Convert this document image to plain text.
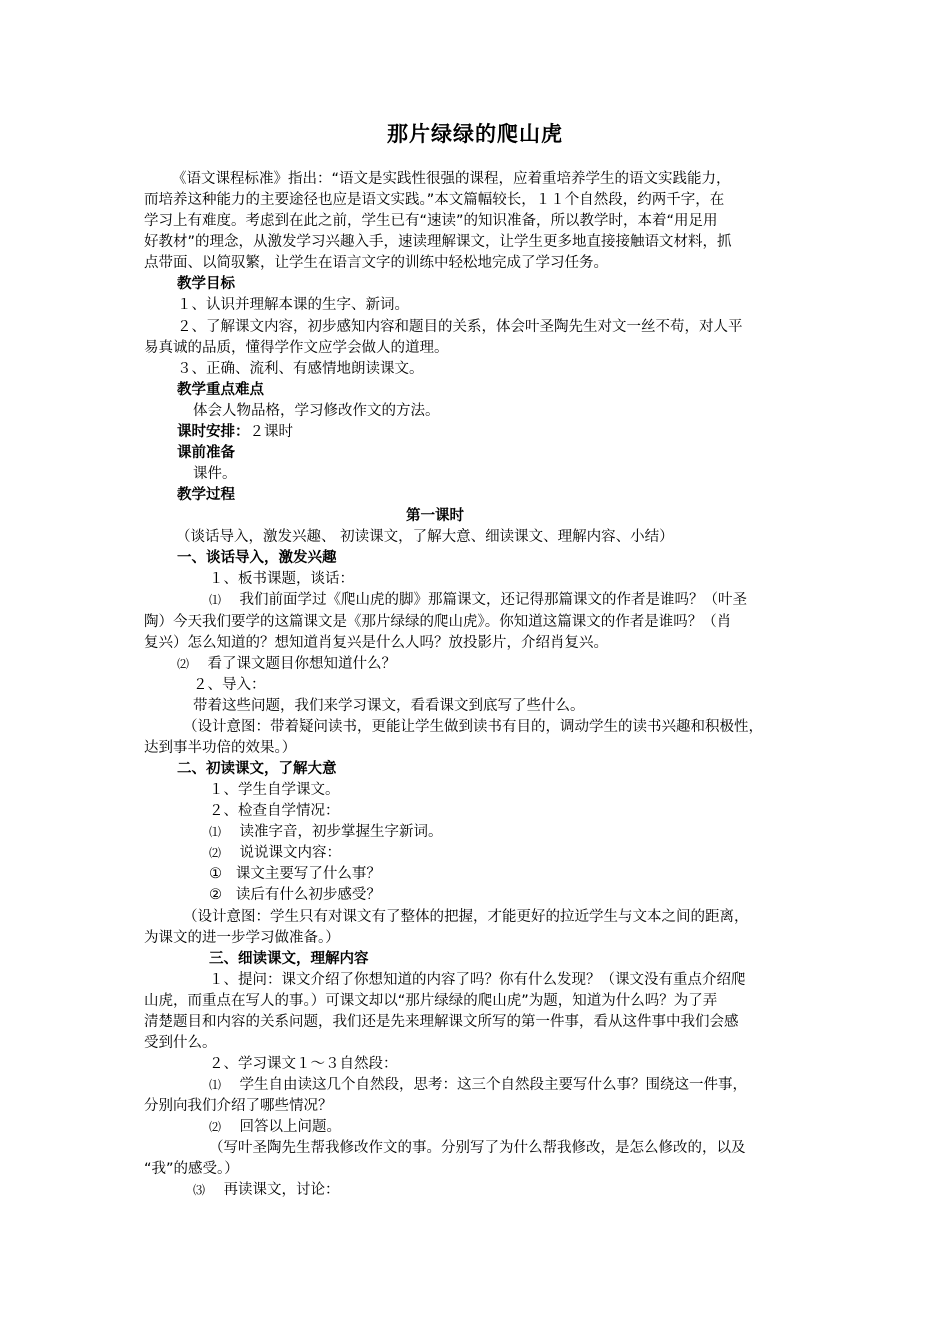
那片绿绿的爬山虎
《语文课程标准》指出：“语文是实践性很强的课程，应着重培养学生的语文实践能力，
而培养这种能力的主要途径也应是语文实践。”本文篇幅较长，１１个自然段，约两千字，在
学习上有难度。考虑到在此之前，学生已有“速读”的知识准备，所以教学时，本着“用足用
好教材”的理念，从激发学习兴趣入手，速读理解课文，让学生更多地直接接触语文材料，抓
点带面、以简驭繁，让学生在语言文字的训练中轻松地完成了学习任务。
教学目标
１、认识并理解本课的生字、新词。
２、了解课文内容，初步感知内容和题目的关系，体会叶圣陶先生对文一丝不苟，对人平
易真诚的品质，懂得学作文应学会做人的道理。
３、正确、流利、有感情地朗读课文。
教学重点难点
体会人物品格，学习修改作文的方法。
课时安排：２课时
课前准备
课件。
教学过程
第一课时
（谈话导入，激发兴趣、 初读课文，了解大意、细读课文、理解内容、小结）
一、谈话导入，激发兴趣
１、板书课题，谈话：
⑴ 我们前面学过《爬山虎的脚》那篇课文，还记得那篇课文的作者是谁吗？（叶圣
陶）今天我们要学的这篇课文是《那片绿绿的爬山虎》。你知道这篇课文的作者是谁吗？（肖
复兴）怎么知道的？想知道肖复兴是什么人吗？放投影片，介绍肖复兴。
⑵ 看了课文题目你想知道什么？
２、导入：
带着这些问题，我们来学习课文，看看课文到底写了些什么。
（设计意图：带着疑问读书，更能让学生做到读书有目的，调动学生的读书兴趣和积极性，
达到事半功倍的效果。）
二、初读课文，了解大意
１、学生自学课文。
２、检查自学情况：
⑴ 读准字音，初步掌握生字新词。
⑵ 说说课文内容：
① 课文主要写了什么事？
② 读后有什么初步感受？
（设计意图：学生只有对课文有了整体的把握，才能更好的拉近学生与文本之间的距离，
为课文的进一步学习做准备。）
三、细读课文，理解内容
１、提问：课文介绍了你想知道的内容了吗？你有什么发现？（课文没有重点介绍爬
山虎，而重点在写人的事。）可课文却以“那片绿绿的爬山虎”为题，知道为什么吗？为了弄
清楚题目和内容的关系问题，我们还是先来理解课文所写的第一件事，看从这件事中我们会感
受到什么。
２、学习课文１～３自然段：
⑴ 学生自由读这几个自然段，思考：这三个自然段主要写什么事？围绕这一件事，
分别向我们介绍了哪些情况？
⑵ 回答以上问题。
（写叶圣陶先生帮我修改作文的事。分别写了为什么帮我修改，是怎么修改的，以及
“我”的感受。）
⑶ 再读课文，讨论：
